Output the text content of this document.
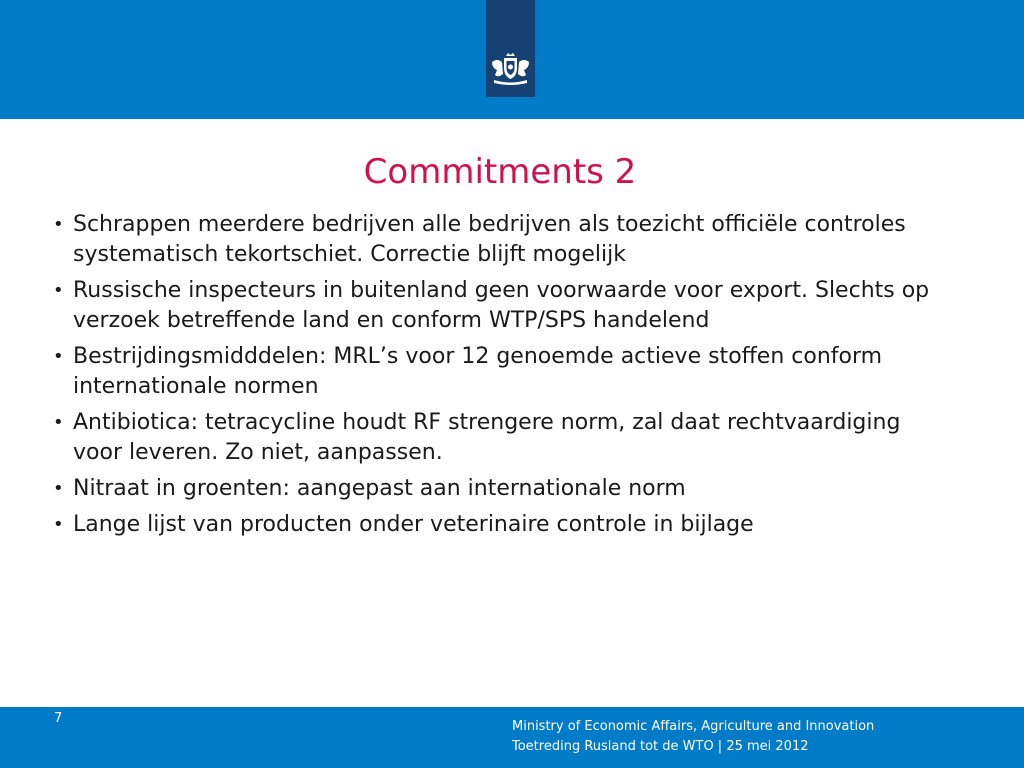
Commitments 2
• Schrappen meerdere bedrijven alle bedrijven als toezicht officiële controles systematisch tekortschiet. Correctie blijft mogelijk
• Russische inspecteurs in buitenland geen voorwaarde voor export. Slechts op verzoek betreffende land en conform WTP/SPS handelend
• Bestrijdingsmidddelen: MRL’s voor 12 genoemde actieve stoffen conform internationale normen
• Antibiotica: tetracycline houdt RF strengere norm, zal daat rechtvaardiging voor leveren. Zo niet, aanpassen.
• Nitraat in groenten: aangepast aan internationale norm
• Lange lijst van producten onder veterinaire controle in bijlage
7
Ministry of Economic Affairs, Agriculture and Innovation
Toetreding Rusland tot de WTO | 25 mei 2012
